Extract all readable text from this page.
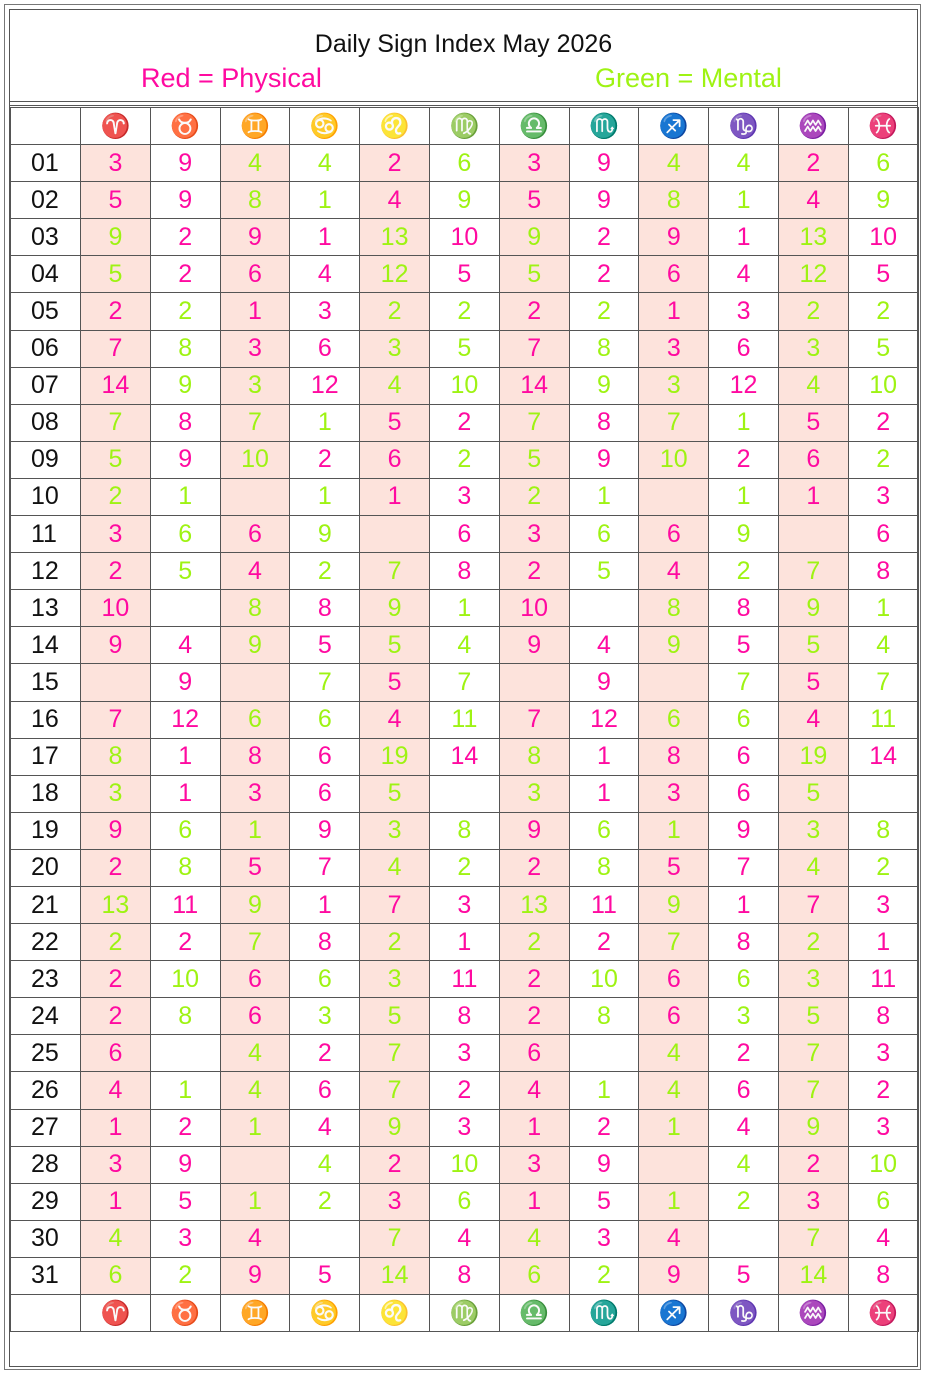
Daily Sign Index May 2026
Red = Physical	Green = Mental
	♈	♉	♊	♋	♌	♍	♎	♏	♐	♑	♒	♓
01	3	9	4	4	2	6	3	9	4	4	2	6
02	5	9	8	1	4	9	5	9	8	1	4	9
03	9	2	9	1	13	10	9	2	9	1	13	10
04	5	2	6	4	12	5	5	2	6	4	12	5
05	2	2	1	3	2	2	2	2	1	3	2	2
06	7	8	3	6	3	5	7	8	3	6	3	5
07	14	9	3	12	4	10	14	9	3	12	4	10
08	7	8	7	1	5	2	7	8	7	1	5	2
09	5	9	10	2	6	2	5	9	10	2	6	2
10	2	1		1	1	3	2	1		1	1	3
11	3	6	6	9		6	3	6	6	9		6
12	2	5	4	2	7	8	2	5	4	2	7	8
13	10		8	8	9	1	10		8	8	9	1
14	9	4	9	5	5	4	9	4	9	5	5	4
15		9		7	5	7		9		7	5	7
16	7	12	6	6	4	11	7	12	6	6	4	11
17	8	1	8	6	19	14	8	1	8	6	19	14
18	3	1	3	6	5		3	1	3	6	5	
19	9	6	1	9	3	8	9	6	1	9	3	8
20	2	8	5	7	4	2	2	8	5	7	4	2
21	13	11	9	1	7	3	13	11	9	1	7	3
22	2	2	7	8	2	1	2	2	7	8	2	1
23	2	10	6	6	3	11	2	10	6	6	3	11
24	2	8	6	3	5	8	2	8	6	3	5	8
25	6		4	2	7	3	6		4	2	7	3
26	4	1	4	6	7	2	4	1	4	6	7	2
27	1	2	1	4	9	3	1	2	1	4	9	3
28	3	9		4	2	10	3	9		4	2	10
29	1	5	1	2	3	6	1	5	1	2	3	6
30	4	3	4		7	4	4	3	4		7	4
31	6	2	9	5	14	8	6	2	9	5	14	8
	♈	♉	♊	♋	♌	♍	♎	♏	♐	♑	♒	♓
